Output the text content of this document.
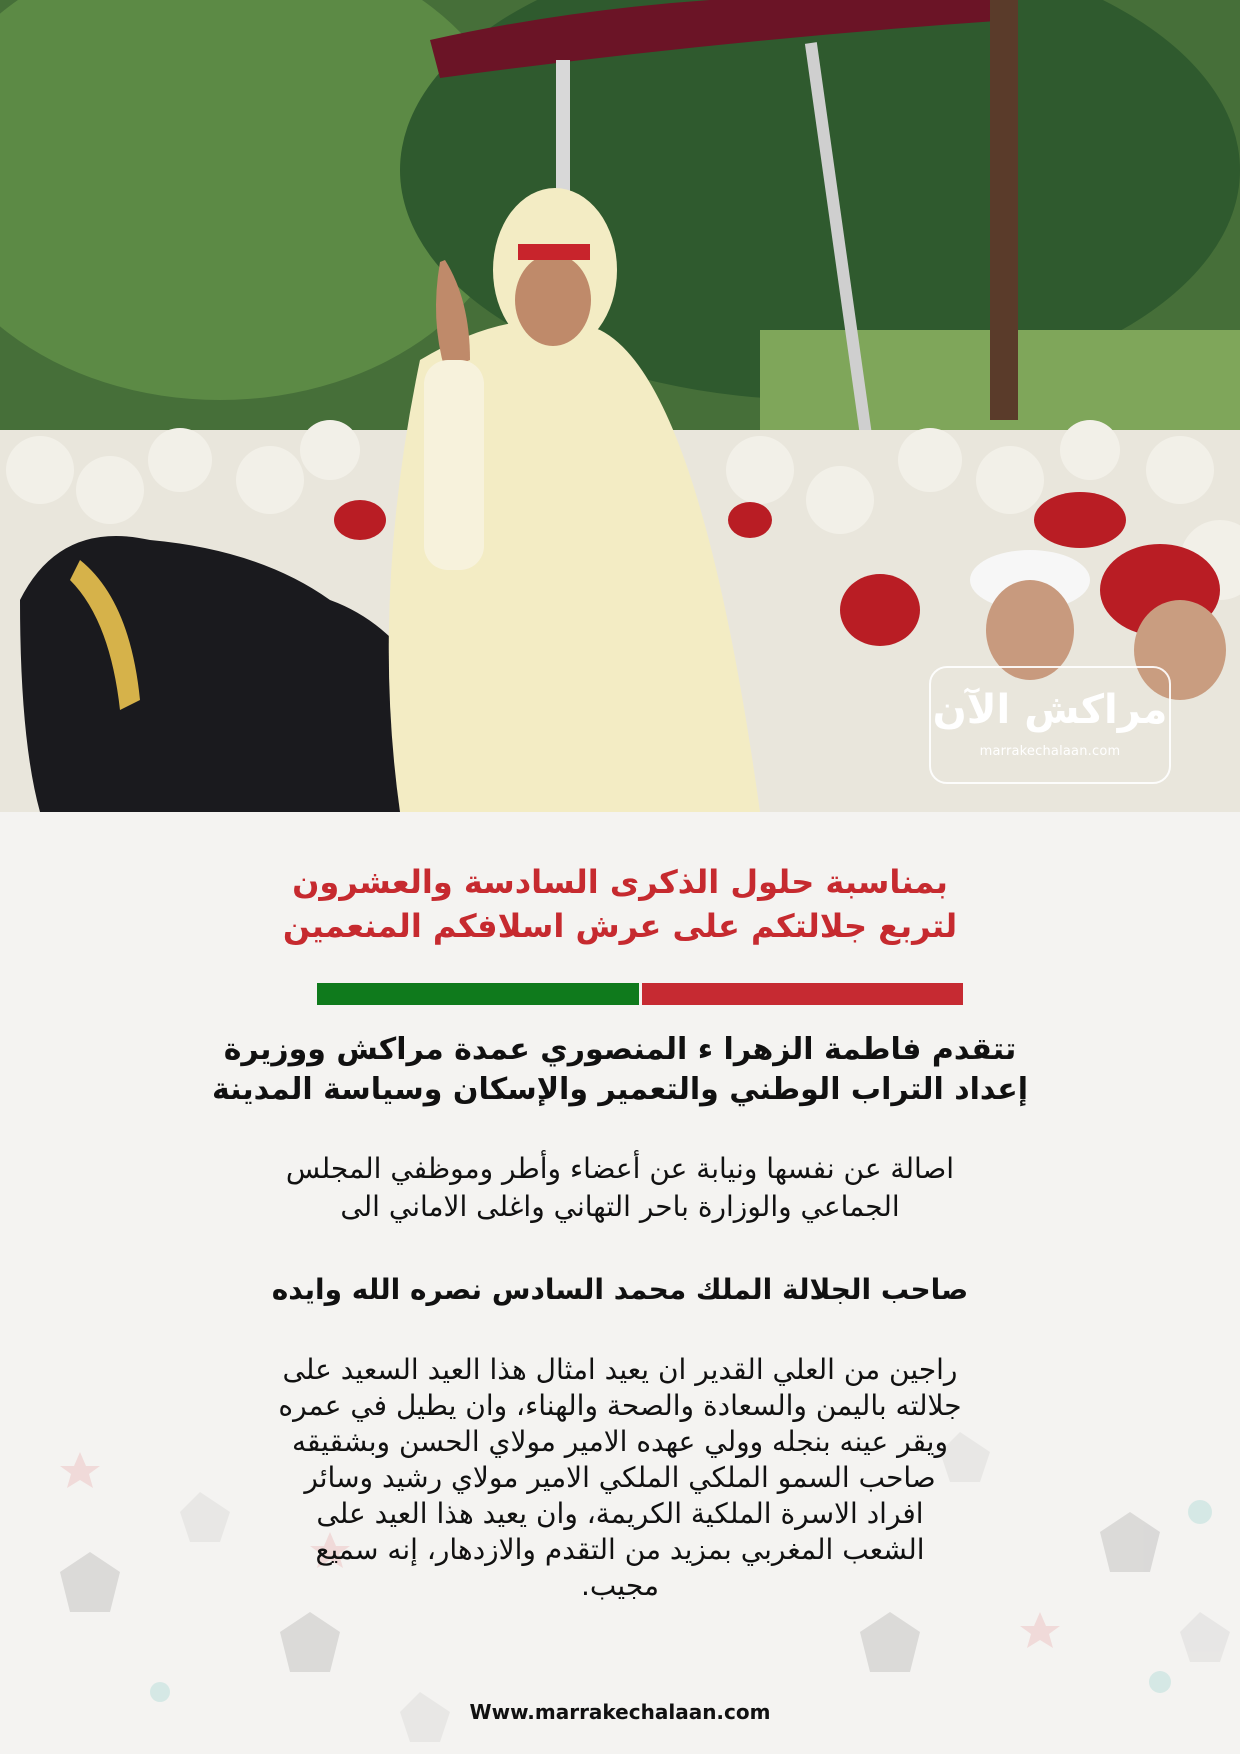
مراكش الآن
marrakechalaan.com
بمناسبة حلول الذكرى السادسة والعشرون
لتربع جلالتكم على عرش اسلافكم المنعمين
تتقدم فاطمة الزهرا ء المنصوري عمدة مراكش ووزيرة
إعداد التراب الوطني والتعمير والإسكان وسياسة المدينة
اصالة عن نفسها ونيابة عن أعضاء وأطر وموظفي المجلس
الجماعي والوزارة باحر التهاني واغلى الاماني الى
صاحب الجلالة الملك محمد السادس نصره الله وايده
راجين من العلي القدير ان يعيد امثال هذا العيد السعيد على
جلالته باليمن والسعادة والصحة والهناء، وان يطيل في عمره
ويقر عينه بنجله وولي عهده الامير مولاي الحسن وبشقيقه
صاحب السمو الملكي الملكي الامير مولاي رشيد وسائر
افراد الاسرة الملكية الكريمة، وان يعيد هذا العيد على
الشعب المغربي بمزيد من التقدم والازدهار، إنه سميع
مجيب.
Www.marrakechalaan.com
